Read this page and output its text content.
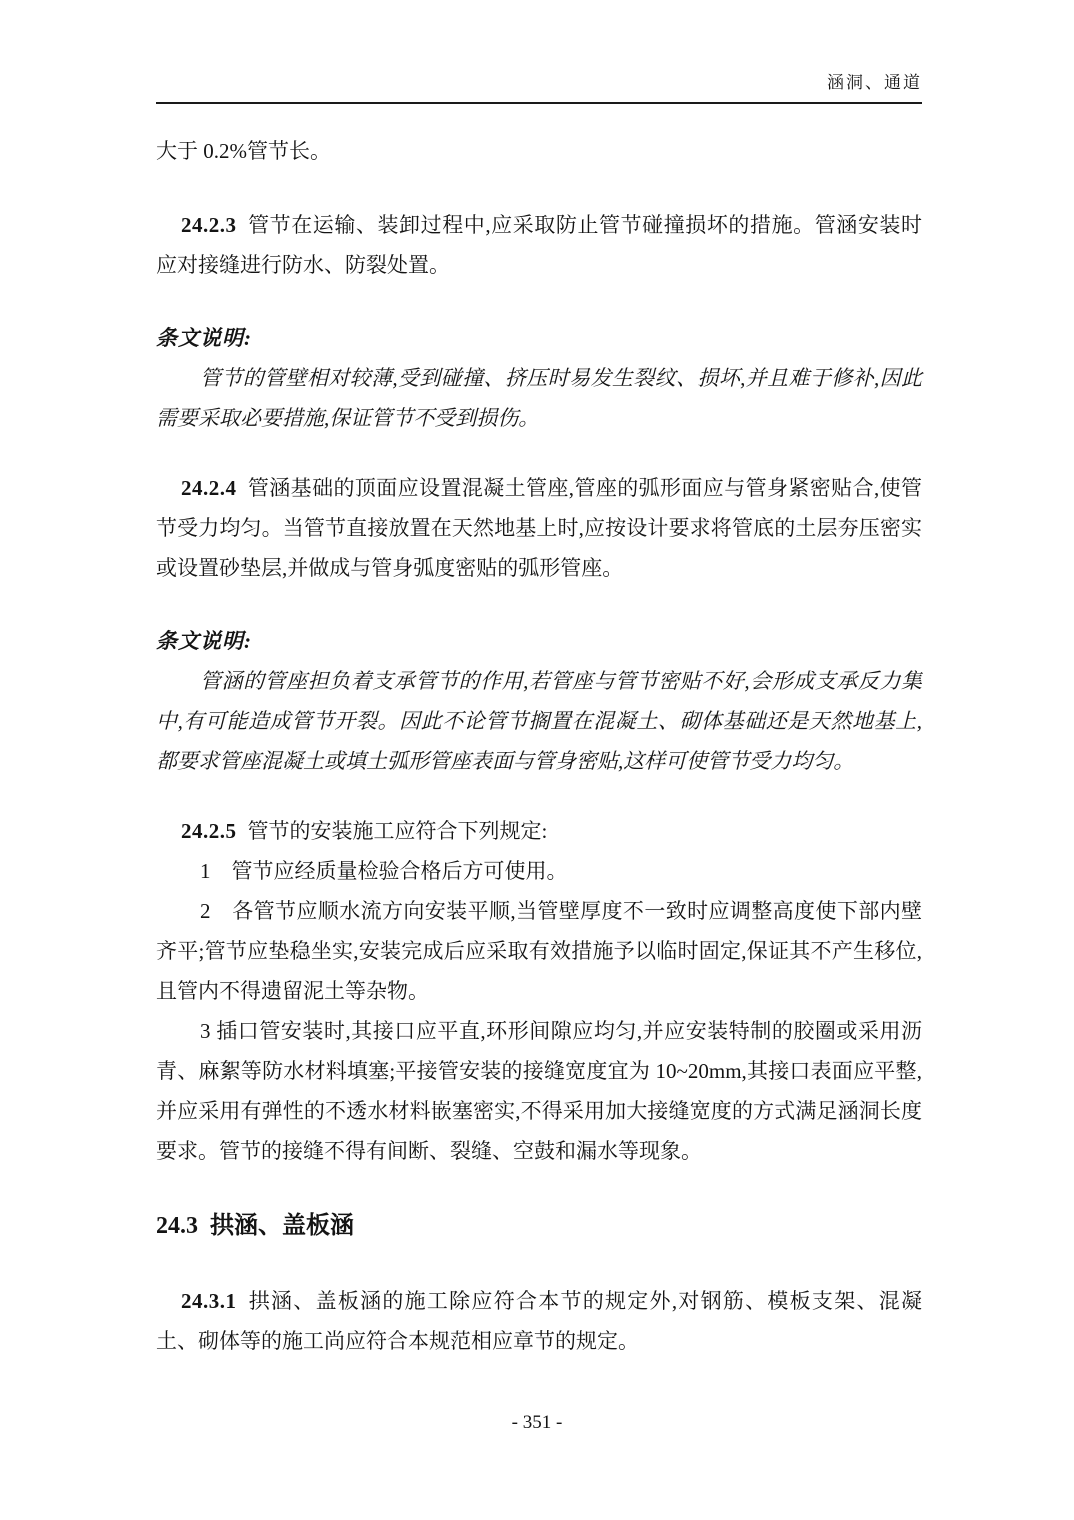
涵洞、通道

大于 0.2%管节长。

24.2.3 管节在运输、装卸过程中,应采取防止管节碰撞损坏的措施。管涵安装时应对接缝进行防水、防裂处置。

条文说明:

管节的管壁相对较薄,受到碰撞、挤压时易发生裂纹、损坏,并且难于修补,因此需要采取必要措施,保证管节不受到损伤。

24.2.4 管涵基础的顶面应设置混凝土管座,管座的弧形面应与管身紧密贴合,使管节受力均匀。当管节直接放置在天然地基上时,应按设计要求将管底的土层夯压密实或设置砂垫层,并做成与管身弧度密贴的弧形管座。

条文说明:

管涵的管座担负着支承管节的作用,若管座与管节密贴不好,会形成支承反力集中,有可能造成管节开裂。因此不论管节搁置在混凝土、砌体基础还是天然地基上,都要求管座混凝土或填土弧形管座表面与管身密贴,这样可使管节受力均匀。

24.2.5 管节的安装施工应符合下列规定:

1　管节应经质量检验合格后方可使用。

2　各管节应顺水流方向安装平顺,当管壁厚度不一致时应调整高度使下部内壁齐平;管节应垫稳坐实,安装完成后应采取有效措施予以临时固定,保证其不产生移位,且管内不得遗留泥土等杂物。

3 插口管安装时,其接口应平直,环形间隙应均匀,并应安装特制的胶圈或采用沥青、麻絮等防水材料填塞;平接管安装的接缝宽度宜为 10~20mm,其接口表面应平整,并应采用有弹性的不透水材料嵌塞密实,不得采用加大接缝宽度的方式满足涵洞长度要求。管节的接缝不得有间断、裂缝、空鼓和漏水等现象。

24.3 拱涵、盖板涵

24.3.1 拱涵、盖板涵的施工除应符合本节的规定外,对钢筋、模板支架、混凝土、砌体等的施工尚应符合本规范相应章节的规定。

- 351 -
